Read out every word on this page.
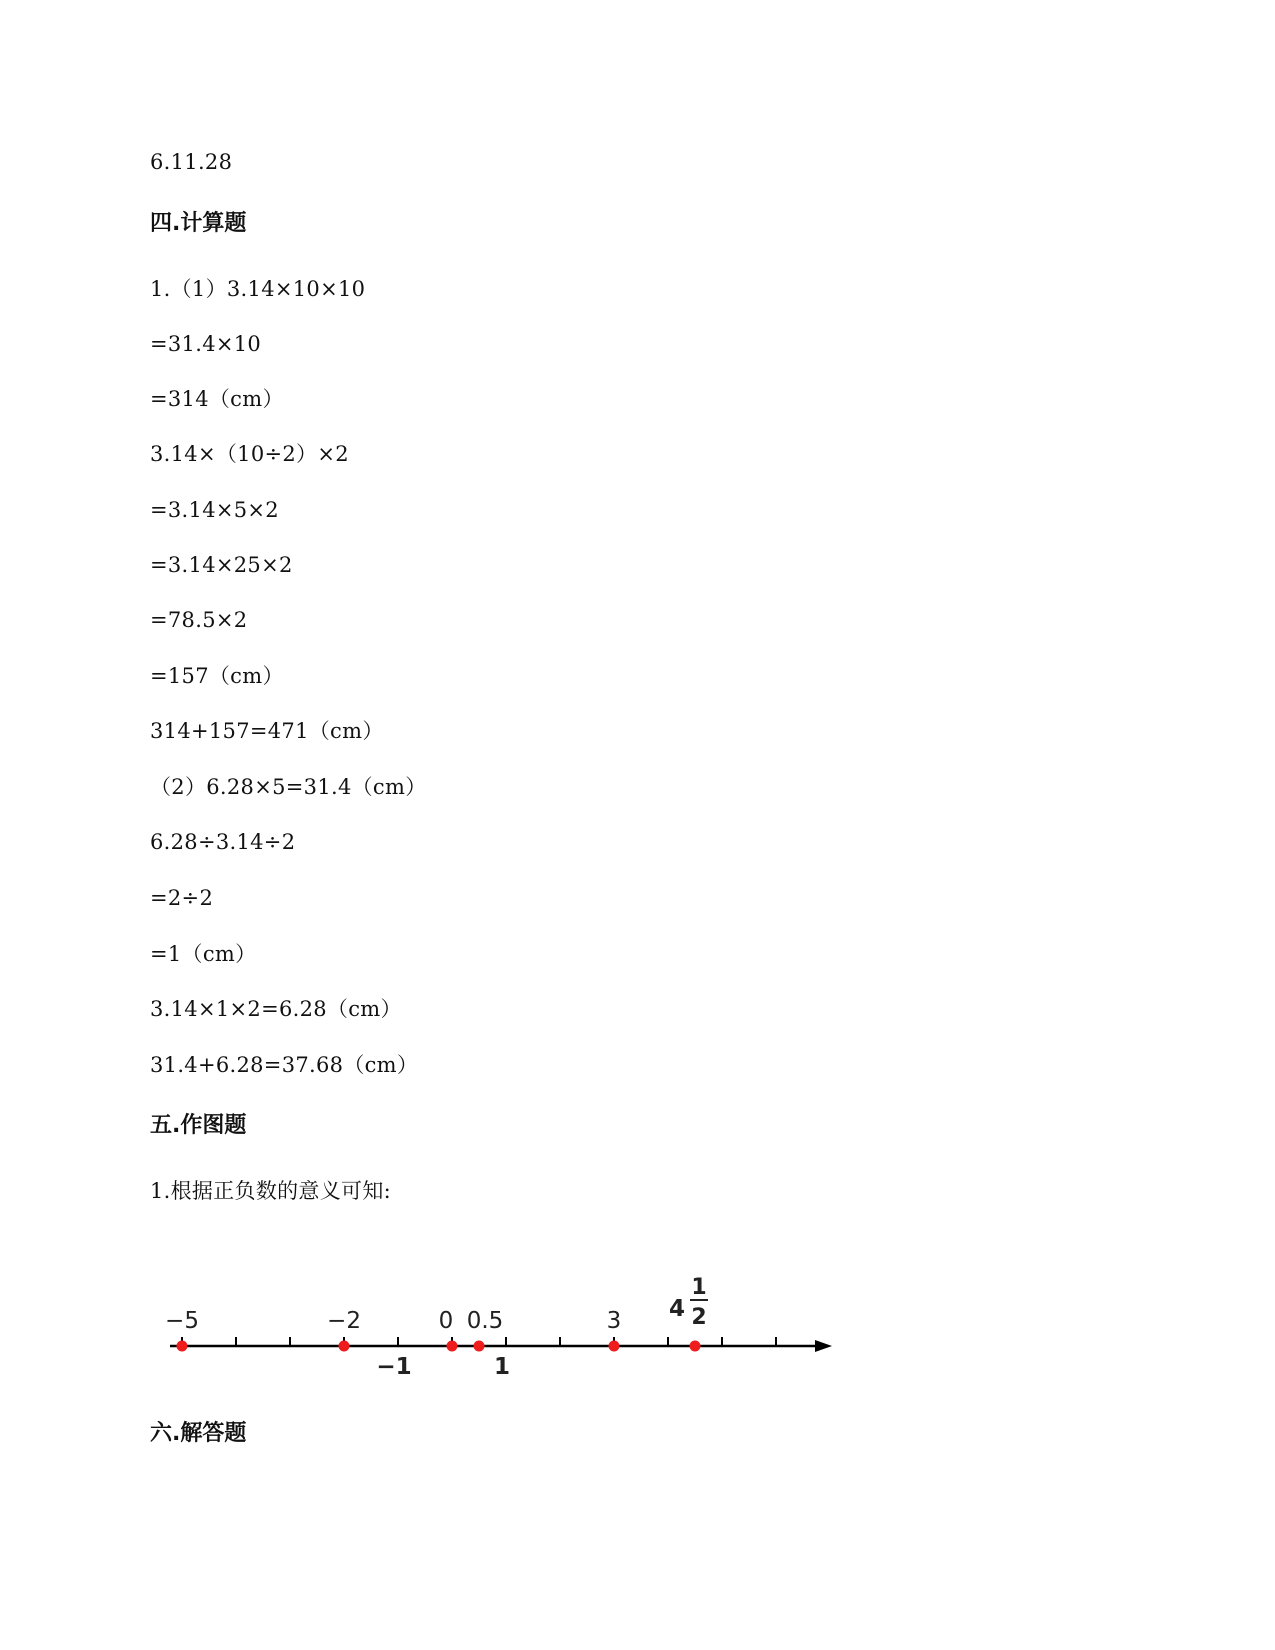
6.11.28
四.计算题
1.（1）3.14×10×10
=31.4×10
=314（cm）
3.14×（10÷2）×2
=3.14×5×2
=3.14×25×2
=78.5×2
=157（cm）
314+157=471（cm）
（2）6.28×5=31.4（cm）
6.28÷3.14÷2
=2÷2
=1（cm）
3.14×1×2=6.28（cm）
31.4+6.28=37.68（cm）
五.作图题
1.根据正负数的意义可知:
−5	−2	0 0.5	3
−1	1
4
1
2
六.解答题
